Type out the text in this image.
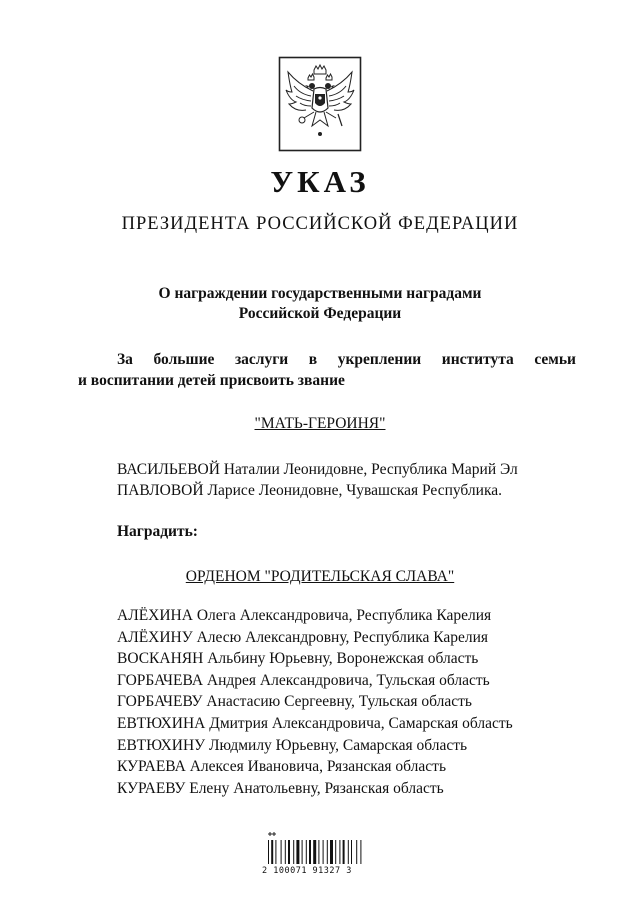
УКАЗ
ПРЕЗИДЕНТА РОССИЙСКОЙ ФЕДЕРАЦИИ
О награждении государственными наградами
Российской Федерации
За большие заслуги в укреплении института семьи
и воспитании детей присвоить звание
"МАТЬ-ГЕРОИНЯ"
ВАСИЛЬЕВОЙ Наталии Леонидовне, Республика Марий Эл
ПАВЛОВОЙ Ларисе Леонидовне, Чувашская Республика.
Наградить:
ОРДЕНОМ "РОДИТЕЛЬСКАЯ СЛАВА"
АЛЁХИНА Олега Александровича, Республика Карелия
АЛЁХИНУ Алесю Александровну, Республика Карелия
ВОСКАНЯН Альбину Юрьевну, Воронежская область
ГОРБАЧЕВА Андрея Александровича, Тульская область
ГОРБАЧЕВУ Анастасию Сергеевну, Тульская область
ЕВТЮХИНА Дмитрия Александровича, Самарская область
ЕВТЮХИНУ Людмилу Юрьевну, Самарская область
КУРАЕВА Алексея Ивановича, Рязанская область
КУРАЕВУ Елену Анатольевну, Рязанская область
2 100071 91327 3
